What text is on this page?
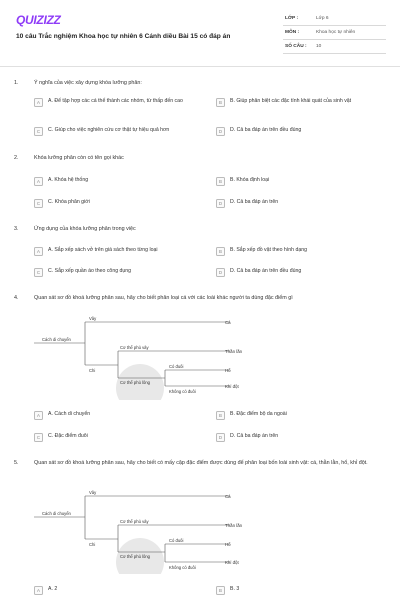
QUIZIZZ
10 câu Trắc nghiệm Khoa học tự nhiên 6 Cánh diều Bài 15 có đáp án
LỚP :	Lớp 6
MÔN :	Khoa học tự nhiên
SỐ CÂU :	10
1.	Ý nghĩa của việc xây dựng khóa lưỡng phân:
A	A. Để tập hợp các cá thể thành các nhóm, từ thấp đến cao	B	B. Giúp phân biệt các đặc tính khái quát của sinh vật
C	C. Giúp cho việc nghiên cứu cơ thật tự hiệu quả hơn	D	D. Cả ba đáp án trên đều đúng
2.	Khóa lưỡng phân còn có tên gọi khác
A	A. Khóa hệ thống	B	B. Khóa định loại
C	C. Khóa phân giới	D	D. Cả ba đáp án trên
3.	Ứng dụng của khóa lưỡng phân trong việc
A	A. Sắp xếp sách vở trên giá sách theo từng loại	B	B. Sắp xếp đồ vật theo hình dạng
C	C. Sắp xếp quần áo theo công dụng	D	D. Cả ba đáp án trên đều đúng
4.	Quan sát sơ đồ khoá lưỡng phân sau, hãy cho biết phân loại cá với các loài khác người ta dùng đặc điểm gì
Vây
Cách di chuyển
Chi
Cơ thể phủ vảy
Cơ thể phủ lông
Có đuôi
Không có đuôi
Cá
Thằn lằn
Hổ
Khỉ đột
A	A. Cách di chuyển	B	B. Đặc điểm bộ da ngoài
C	C. Đặc điểm đuôi	D	D. Cả ba đáp án trên
5.	Quan sát sơ đồ khoá lưỡng phân sau, hãy cho biết có mấy cặp đặc điểm được dùng để phân loại bốn loài sinh vật: cá, thằn lằn, hổ, khỉ đột.
Vây
Cách di chuyển
Chi
Cơ thể phủ vảy
Cơ thể phủ lông
Có đuôi
Không có đuôi
Cá
Thằn lằn
Hổ
Khỉ đột
A	A. 2	B	B. 3
